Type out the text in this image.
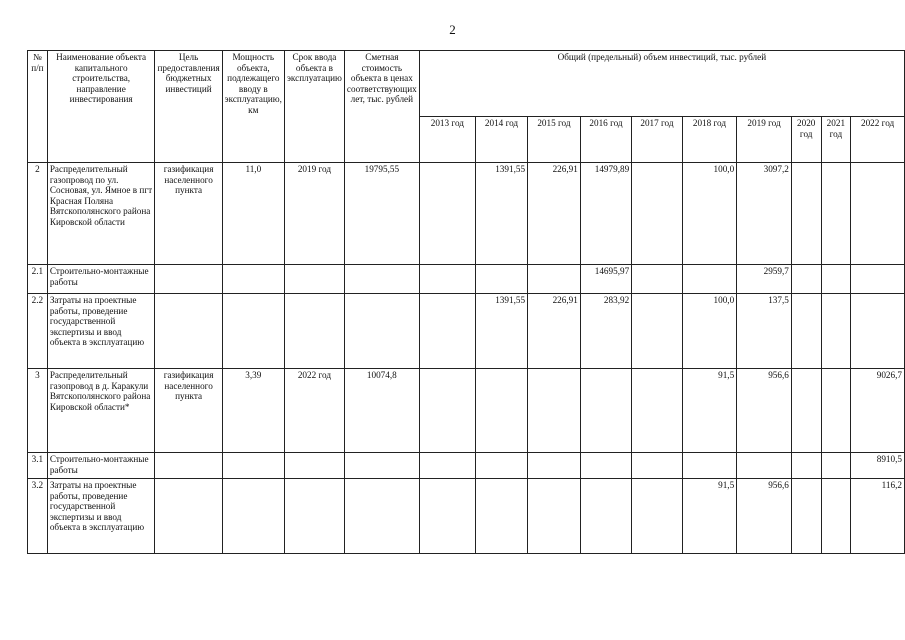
2
№ п/п	Наименование объекта капитального строительства, направление инвестирования	Цель предоставления бюджетных инвестиций	Мощность объекта, подлежащего вводу в эксплуатацию, км	Срок ввода объекта в эксплуатацию	Сметная стоимость объекта в ценах соответствующих лет, тыс. рублей	Общий (предельный) объем инвестиций, тыс. рублей									
						2013 год	2014 год	2015 год	2016 год	2017 год	2018 год	2019 год	2020 год	2021 год	2022 год
2	Распределительный газопровод по ул. Сосновая, ул. Ямное в пгт Красная Поляна Вятскополянского района Кировской области	газификация населенного пункта	11,0	2019 год	19795,55		1391,55	226,91	14979,89		100,0	3097,2			
2.1	Строительно-монтажные работы								14695,97			2959,7			
2.2	Затраты на проектные работы, проведение государственной экспертизы и ввод объекта в эксплуатацию						1391,55	226,91	283,92		100,0	137,5			
3	Распределительный газопровод в д. Каракули Вятскополянского района Кировской области*	газификация населенного пункта	3,39	2022 год	10074,8						91,5	956,6			9026,7
3.1	Строительно-монтажные работы														8910,5
3.2	Затраты на проектные работы, проведение государственной экспертизы и ввод объекта в эксплуатацию										91,5	956,6			116,2
